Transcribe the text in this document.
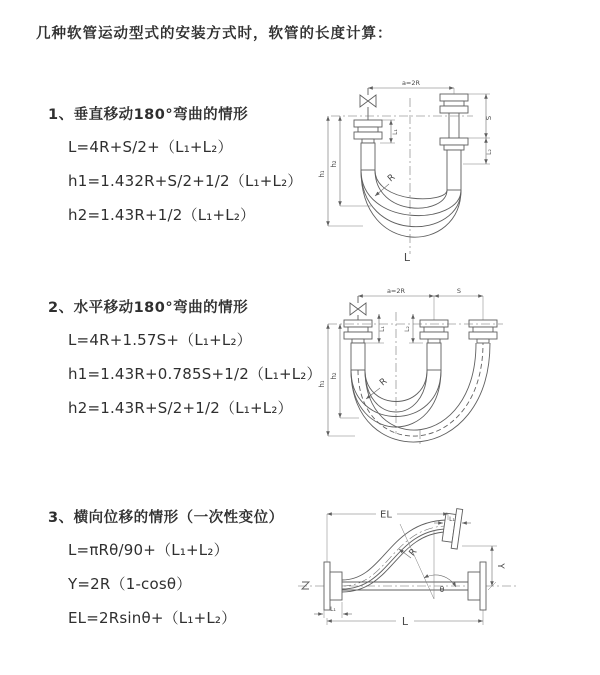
几种软管运动型式的安装方式时，软管的长度计算：
1、垂直移动180°弯曲的情形

L=4R+S/2+（L₁+L₂）

h1=1.432R+S/2+1/2（L₁+L₂）

h2=1.43R+1/2（L₁+L₂）

2、水平移动180°弯曲的情形

L=4R+1.57S+（L₁+L₂）

h1=1.43R+0.785S+1/2（L₁+L₂）

h2=1.43R+S/2+1/2（L₁+L₂）

3、横向位移的情形（一次性变位）

L=πRθ/90+（L₁+L₂）

Y=2R（1-cosθ）

EL=2Rsinθ+（L₁+L₂）

a=2R
S
L₂
L₁
h₁
h₂
R
L
a=2R	S
L₁	L₂
h₁
h₂
R
EL	L₁
Y
θ
R
L₁
L
